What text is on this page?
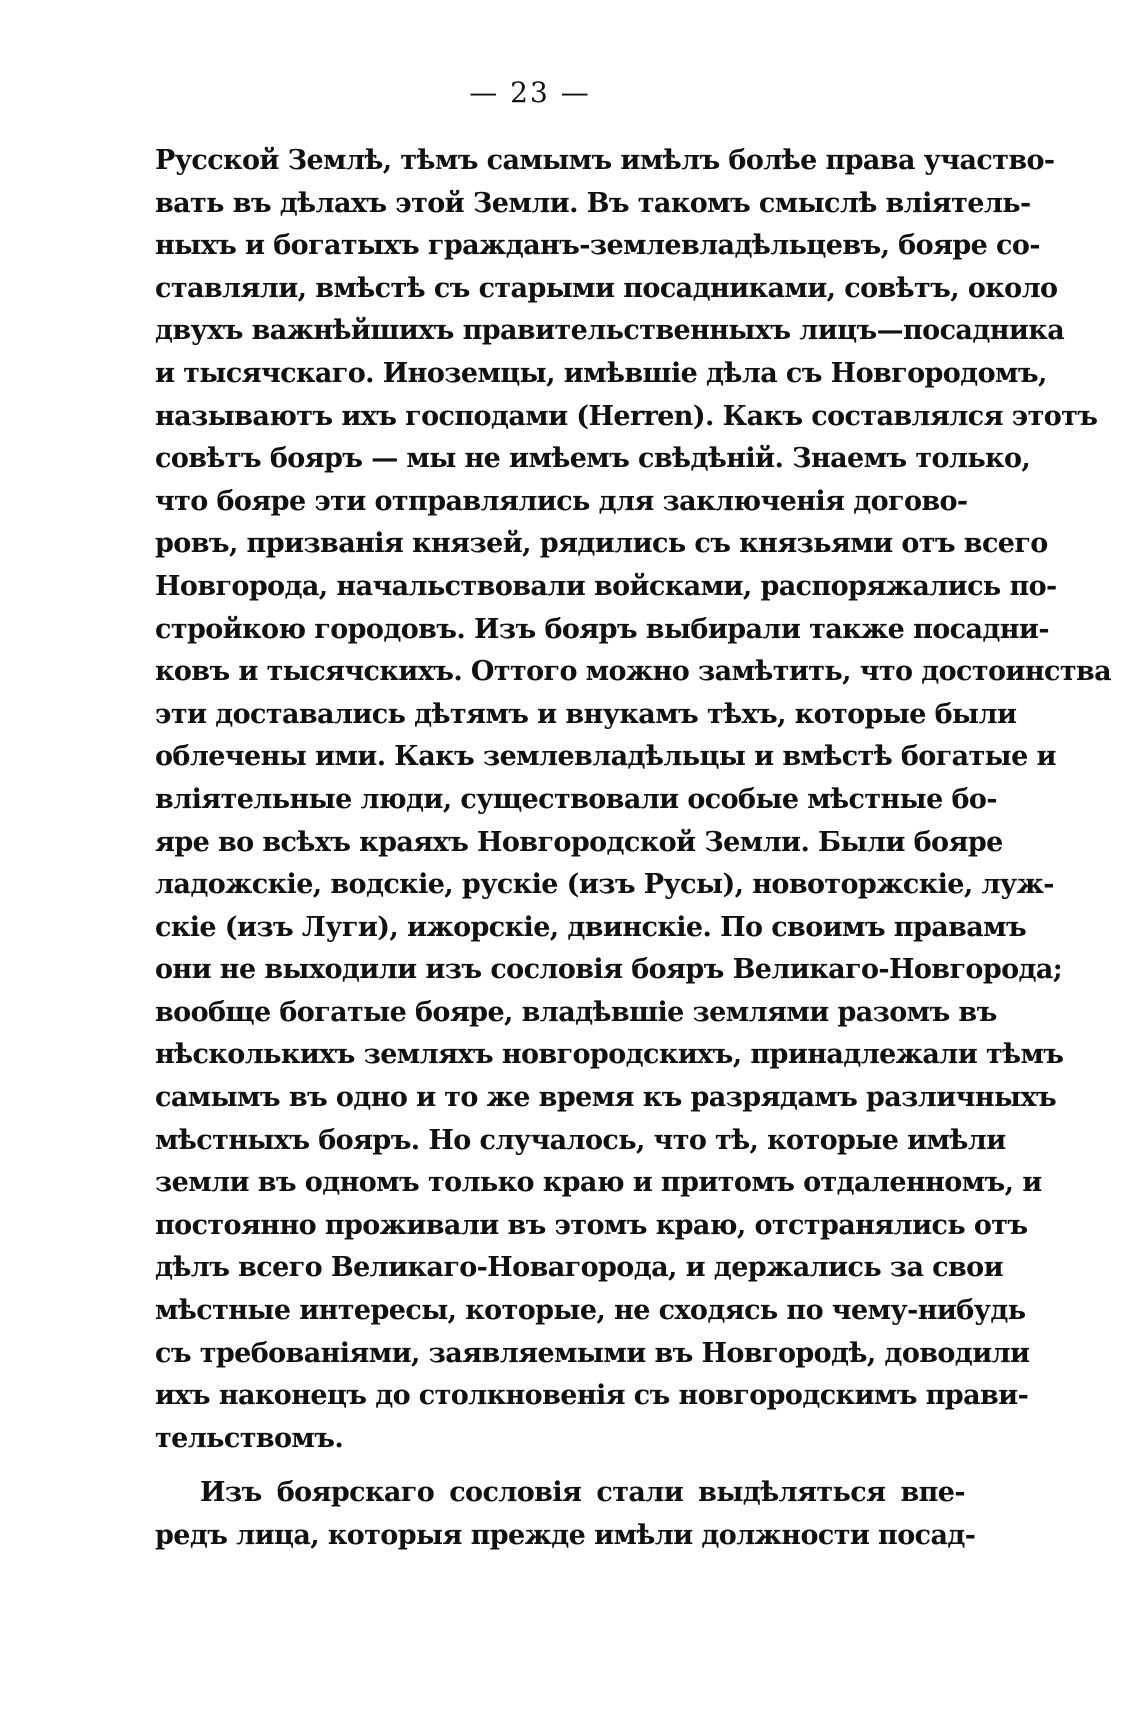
— 23 —
Русской Землѣ, тѣмъ самымъ имѣлъ болѣе права участво-
вать въ дѣлахъ этой Земли. Въ такомъ смыслѣ вліятель-
ныхъ и богатыхъ гражданъ-землевладѣльцевъ, бояре со-
ставляли, вмѣстѣ съ старыми посадниками, совѣтъ, около
двухъ важнѣйшихъ правительственныхъ лицъ—посадника
и тысячскаго. Иноземцы, имѣвшіе дѣла съ Новгородомъ,
называютъ ихъ господами (Herren). Какъ составлялся этотъ
совѣтъ бояръ — мы не имѣемъ свѣдѣній. Знаемъ только,
что бояре эти отправлялись для заключенія догово-
ровъ, призванія князей, рядились съ князьями отъ всего
Новгорода, начальствовали войсками, распоряжались по-
стройкою городовъ. Изъ бояръ выбирали также посадни-
ковъ и тысячскихъ. Оттого можно замѣтить, что достоинства
эти доставались дѣтямъ и внукамъ тѣхъ, которые были
облечены ими. Какъ землевладѣльцы и вмѣстѣ богатые и
вліятельные люди, существовали особые мѣстные бо-
яре во всѣхъ краяхъ Новгородской Земли. Были бояре
ладожскіе, водскіе, рускіе (изъ Русы), новоторжскіе, луж-
скіе (изъ Луги), ижорскіе, двинскіе. По своимъ правамъ
они не выходили изъ сословія бояръ Великаго-Новгорода;
вообще богатые бояре, владѣвшіе землями разомъ въ
нѣсколькихъ земляхъ новгородскихъ, принадлежали тѣмъ
самымъ въ одно и то же время къ разрядамъ различныхъ
мѣстныхъ бояръ. Но случалось, что тѣ, которые имѣли
земли въ одномъ только краю и притомъ отдаленномъ, и
постоянно проживали въ этомъ краю, отстранялись отъ
дѣлъ всего Великаго-Новагорода, и держались за свои
мѣстные интересы, которые, не сходясь по чему-нибудь
съ требованіями, заявляемыми въ Новгородѣ, доводили
ихъ наконецъ до столкновенія съ новгородскимъ прави-
тельствомъ.
Изъ боярскаго сословія стали выдѣляться впе-
редъ лица, которыя прежде имѣли должности посад-
